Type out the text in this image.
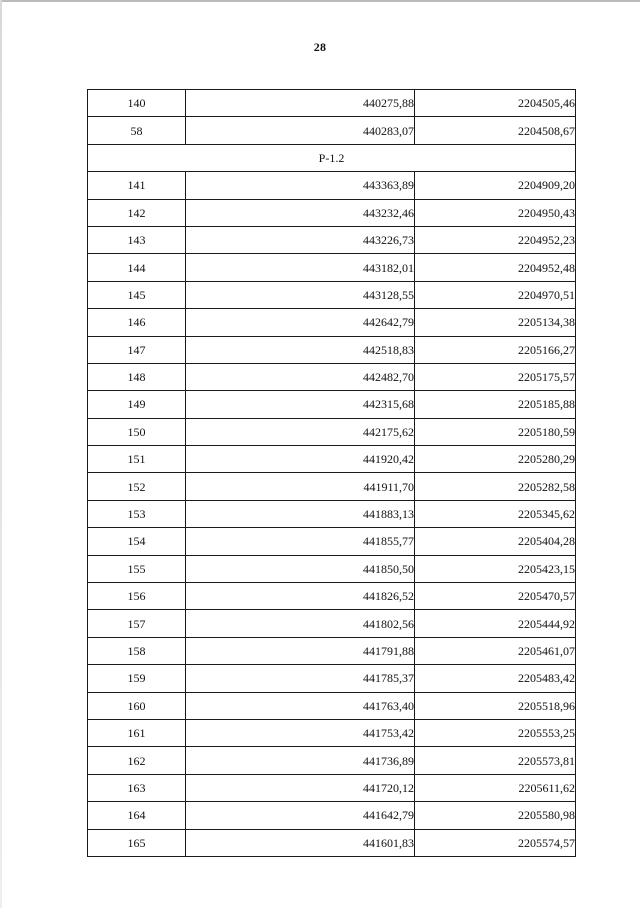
28
140	440275,88	2204505,46
58	440283,07	2204508,67
Р-1.2		
141	443363,89	2204909,20
142	443232,46	2204950,43
143	443226,73	2204952,23
144	443182,01	2204952,48
145	443128,55	2204970,51
146	442642,79	2205134,38
147	442518,83	2205166,27
148	442482,70	2205175,57
149	442315,68	2205185,88
150	442175,62	2205180,59
151	441920,42	2205280,29
152	441911,70	2205282,58
153	441883,13	2205345,62
154	441855,77	2205404,28
155	441850,50	2205423,15
156	441826,52	2205470,57
157	441802,56	2205444,92
158	441791,88	2205461,07
159	441785,37	2205483,42
160	441763,40	2205518,96
161	441753,42	2205553,25
162	441736,89	2205573,81
163	441720,12	2205611,62
164	441642,79	2205580,98
165	441601,83	2205574,57
